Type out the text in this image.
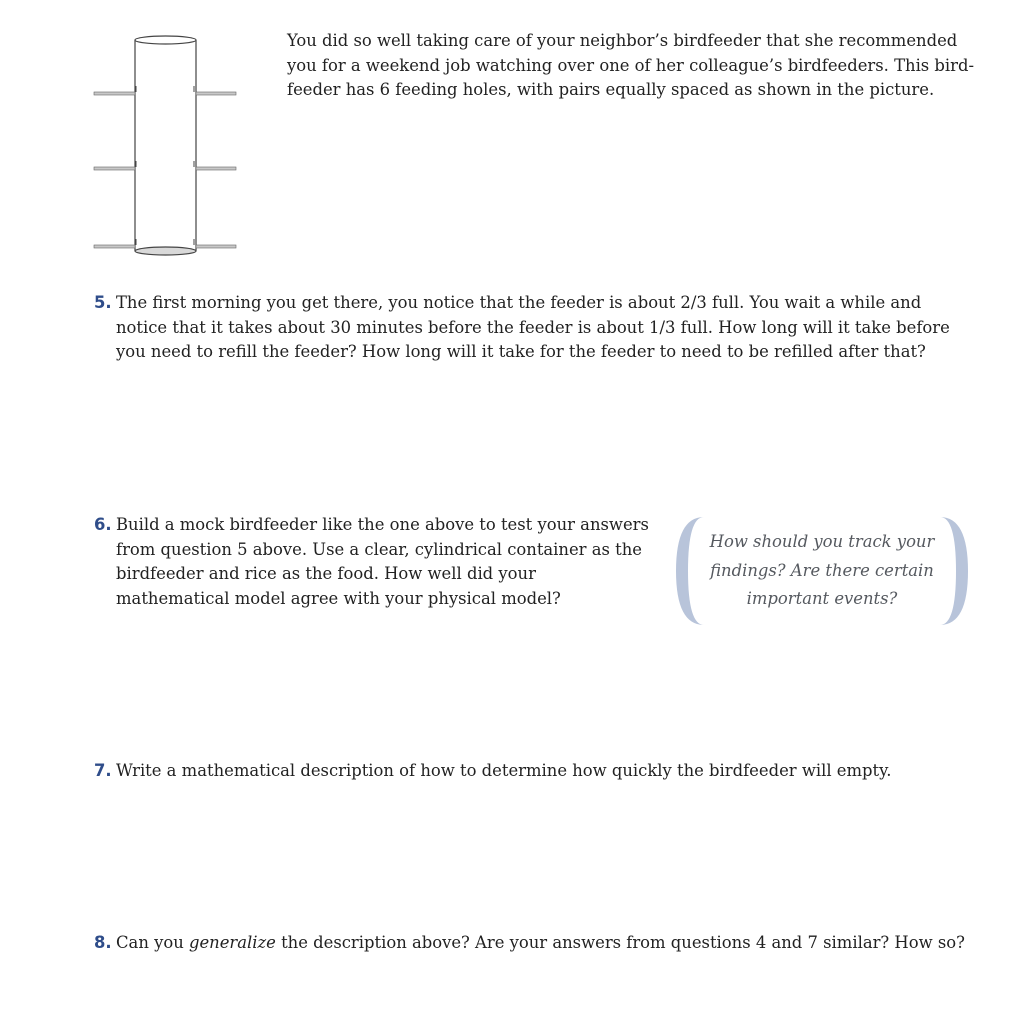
You did so well taking care of your neighbor’s birdfeeder that she recommended you for a weekend job watching over one of her colleague’s birdfeeders. This bird-feeder has 6 feeding holes, with pairs equally spaced as shown in the picture.
5. The first morning you get there, you notice that the feeder is about 2/3 full. You wait a while and notice that it takes about 30 minutes before the feeder is about 1/3 full. How long will it take before you need to refill the feeder? How long will it take for the feeder to need to be refilled after that?
6. Build a mock birdfeeder like the one above to test your answers from question 5 above. Use a clear, cylindrical container as the birdfeeder and rice as the food. How well did your mathematical model agree with your physical model?
How should you track your findings? Are there certain important events?
7. Write a mathematical description of how to determine how quickly the birdfeeder will empty.
8. Can you generalize the description above? Are your answers from questions 4 and 7 similar? How so?
